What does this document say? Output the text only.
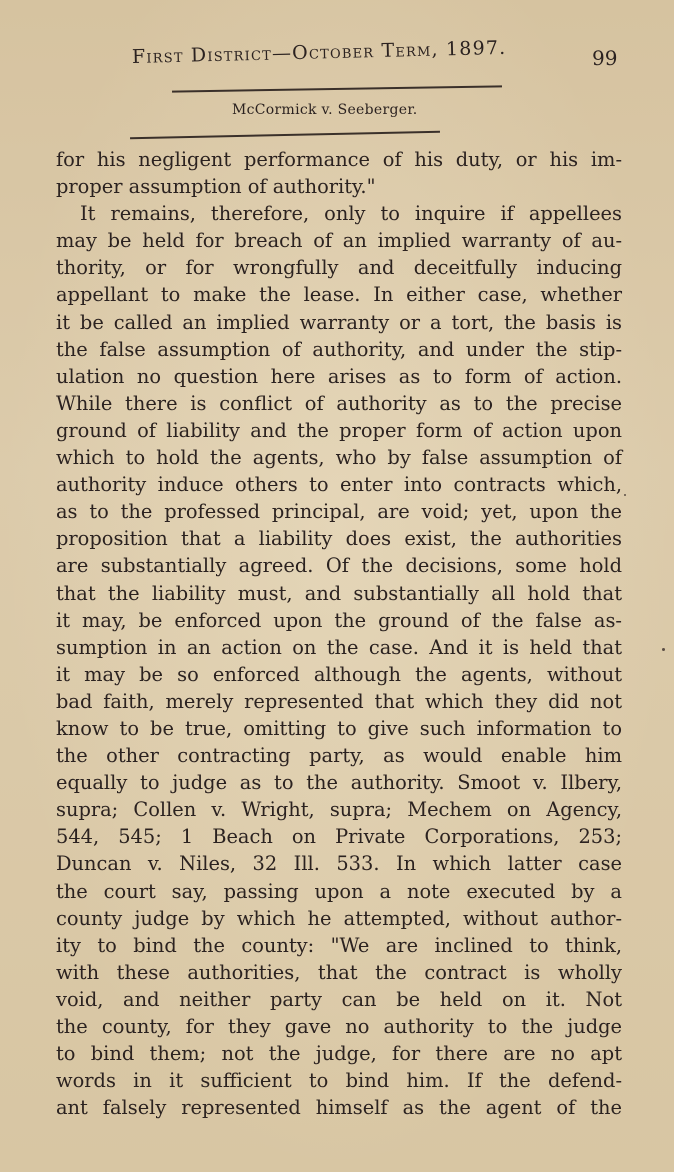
First District—October Term, 1897.	99
McCormick v. Seeberger.
for his negligent performance of his duty, or his im-
proper assumption of authority."
It remains, therefore, only to inquire if appellees
may be held for breach of an implied warranty of au-
thority, or for wrongfully and deceitfully inducing
appellant to make the lease. In either case, whether
it be called an implied warranty or a tort, the basis is
the false assumption of authority, and under the stip-
ulation no question here arises as to form of action.
While there is conflict of authority as to the precise
ground of liability and the proper form of action upon
which to hold the agents, who by false assumption of
authority induce others to enter into contracts which,
as to the professed principal, are void; yet, upon the
proposition that a liability does exist, the authorities
are substantially agreed. Of the decisions, some hold
that the liability must, and substantially all hold that
it may, be enforced upon the ground of the false as-
sumption in an action on the case. And it is held that
it may be so enforced although the agents, without
bad faith, merely represented that which they did not
know to be true, omitting to give such information to
the other contracting party, as would enable him
equally to judge as to the authority. Smoot v. Ilbery,
supra; Collen v. Wright, supra; Mechem on Agency,
544, 545; 1 Beach on Private Corporations, 253;
Duncan v. Niles, 32 Ill. 533. In which latter case
the court say, passing upon a note executed by a
county judge by which he attempted, without author-
ity to bind the county: "We are inclined to think,
with these authorities, that the contract is wholly
void, and neither party can be held on it. Not
the county, for they gave no authority to the judge
to bind them; not the judge, for there are no apt
words in it sufficient to bind him. If the defend-
ant falsely represented himself as the agent of the
